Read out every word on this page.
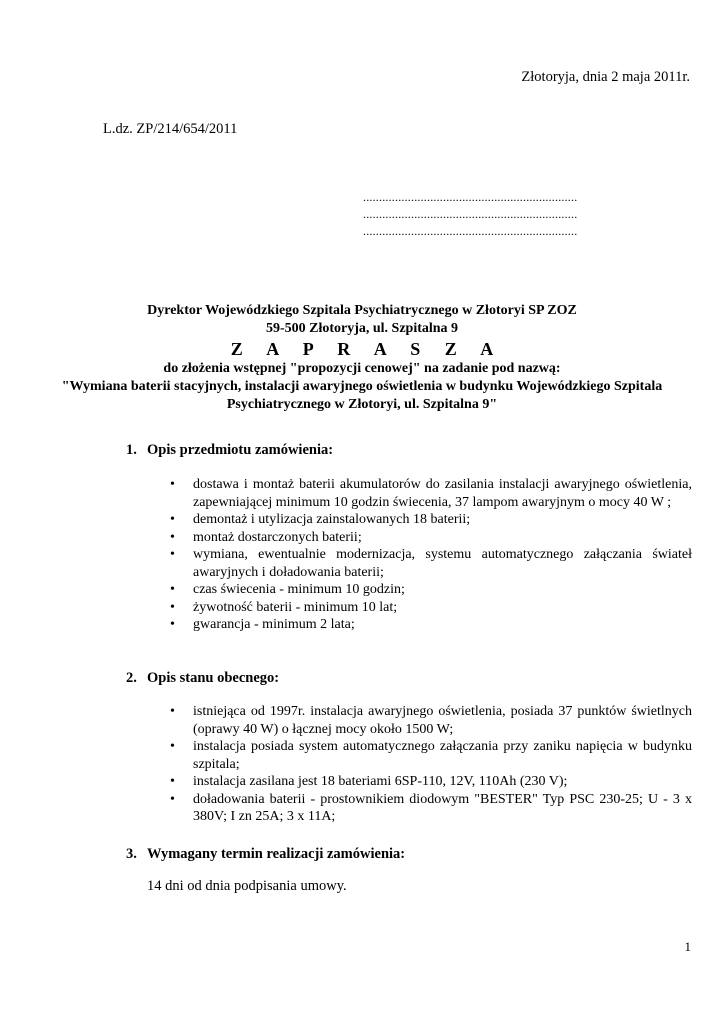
Złotoryja, dnia 2 maja 2011r.
L.dz. ZP/214/654/2011
...................................................................
...................................................................
...................................................................
Dyrektor Wojewódzkiego Szpitala Psychiatrycznego w Złotoryi SP ZOZ
59-500 Złotoryja, ul. Szpitalna 9
Z A P R A S Z A
do złożenia wstępnej "propozycji cenowej" na zadanie pod nazwą:
"Wymiana baterii stacyjnych, instalacji awaryjnego oświetlenia w budynku Wojewódzkiego Szpitala Psychiatrycznego w Złotoryi, ul. Szpitalna 9"
1. Opis przedmiotu zamówienia:
• dostawa i montaż baterii akumulatorów do zasilania instalacji awaryjnego oświetlenia, zapewniającej minimum 10 godzin świecenia, 37 lampom awaryjnym o mocy 40 W ;
• demontaż i utylizacja zainstalowanych 18 baterii;
• montaż dostarczonych baterii;
• wymiana, ewentualnie modernizacja, systemu automatycznego załączania świateł awaryjnych i doładowania baterii;
• czas świecenia - minimum 10 godzin;
• żywotność baterii - minimum 10 lat;
• gwarancja - minimum 2 lata;
2. Opis stanu obecnego:
• istniejąca od 1997r. instalacja awaryjnego oświetlenia, posiada 37 punktów świetlnych (oprawy 40 W) o łącznej mocy około 1500 W;
• instalacja posiada system automatycznego załączania przy zaniku napięcia w budynku szpitala;
• instalacja zasilana jest 18 bateriami 6SP-110, 12V, 110Ah (230 V);
• doładowania baterii - prostownikiem diodowym "BESTER" Typ PSC 230-25; U - 3 x 380V; I zn 25A; 3 x 11A;
3. Wymagany termin realizacji zamówienia:
14 dni od dnia podpisania umowy.
1
